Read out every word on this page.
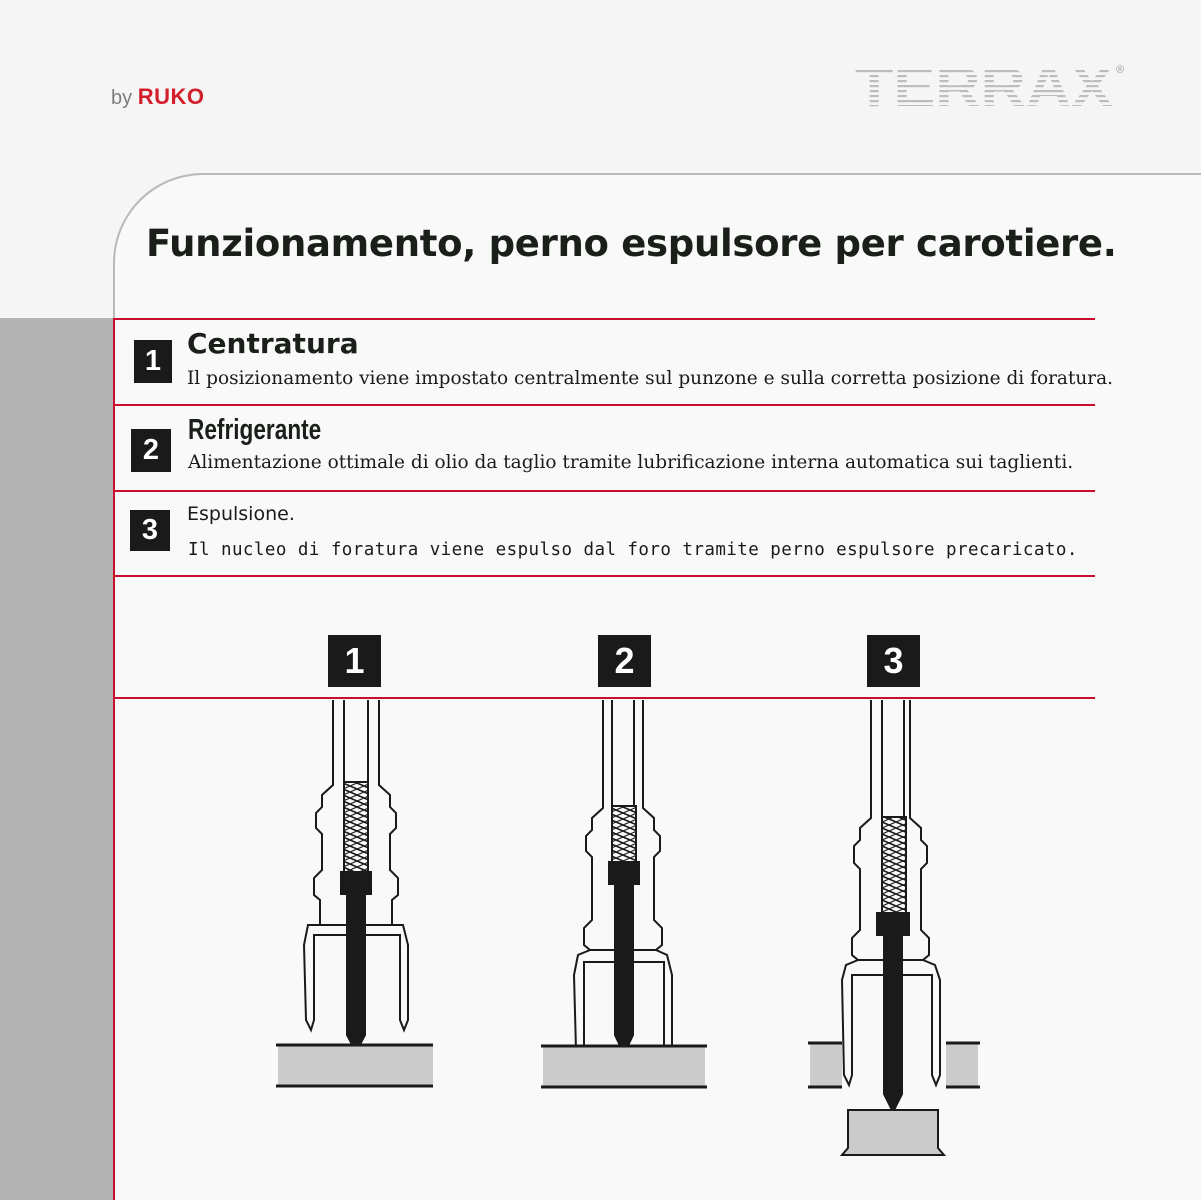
by RUKO	TERRAX ®
Funzionamento, perno espulsore per carotiere.
1
Centratura
Il posizionamento viene impostato centralmente sul punzone e sulla corretta posizione di foratura.
2
Refrigerante
Alimentazione ottimale di olio da taglio tramite lubrificazione interna automatica sui taglienti.
3	Espulsione.
Il nucleo di foratura viene espulso dal foro tramite perno espulsore precaricato.
1	2	3
